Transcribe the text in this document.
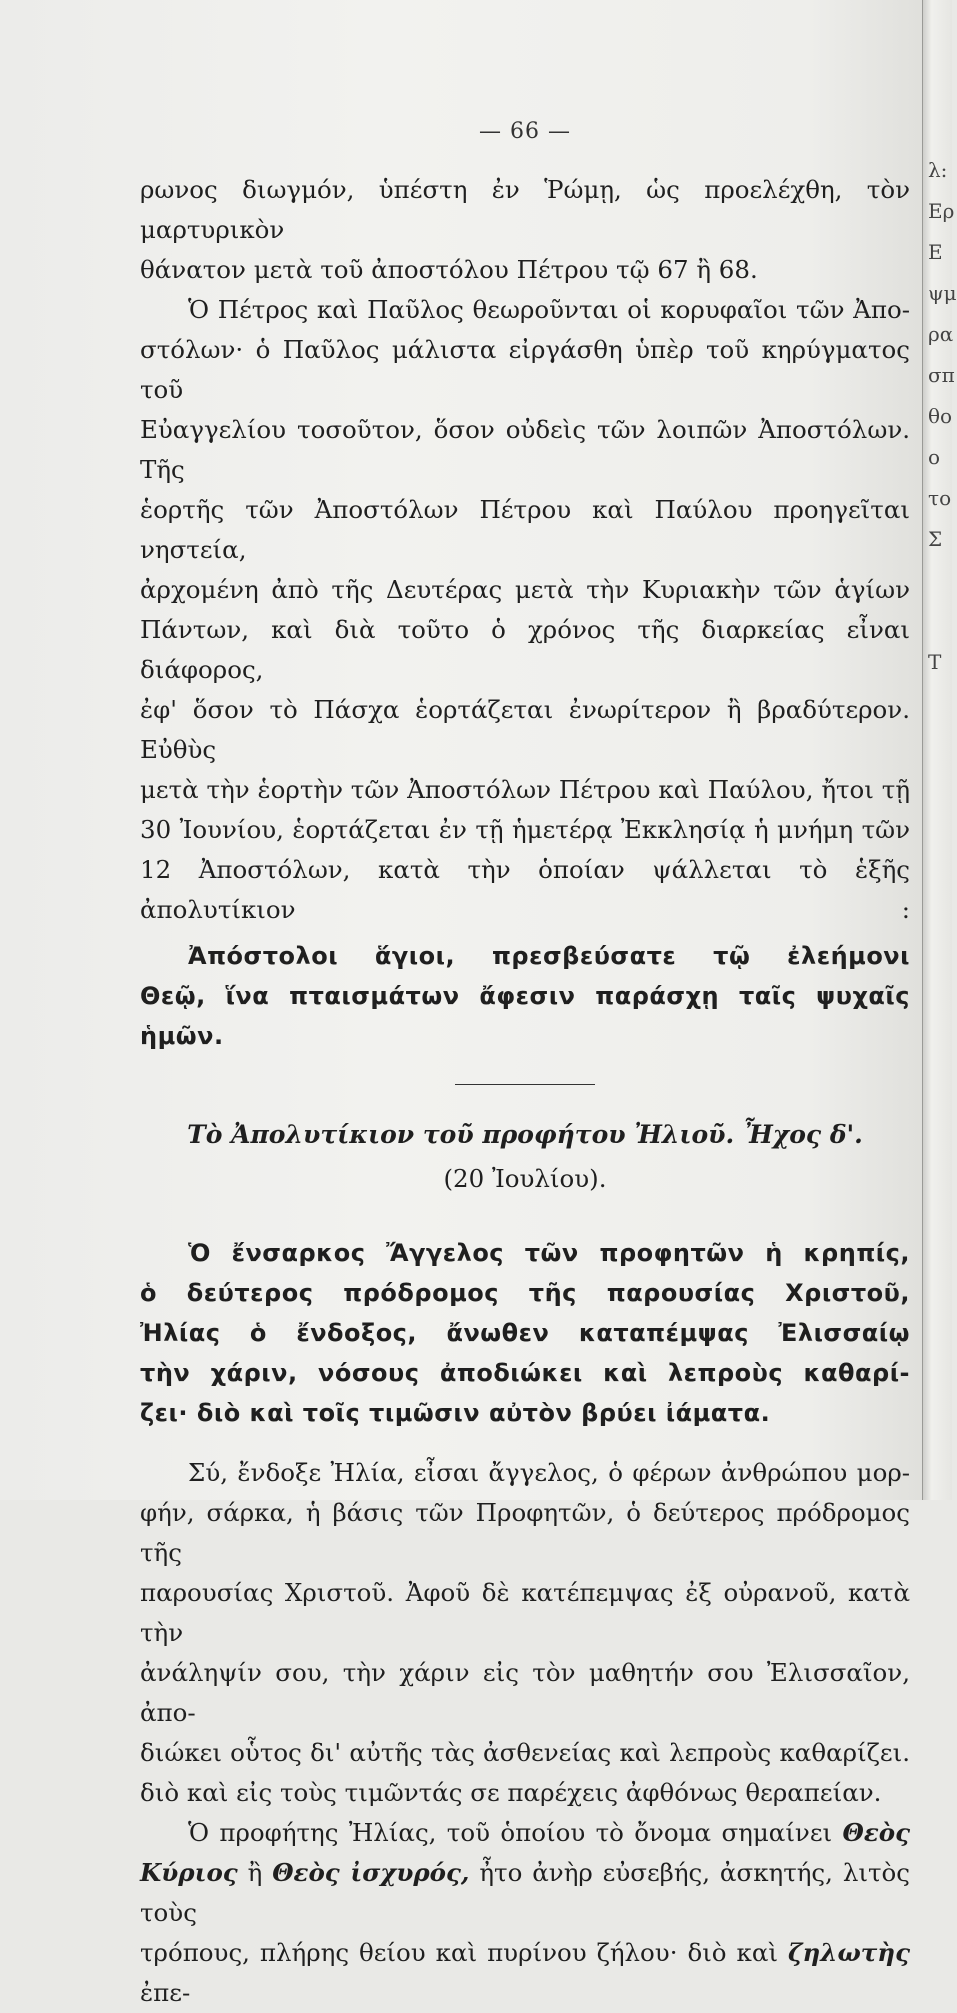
λ:
Ερ
Ε
ψμ
ρα
σπ
θο
ο
το
Σ
Τ
— 66 —

ρωνος διωγμόν, ὑπέστη ἐν Ῥώμῃ, ὡς προελέχθη, τὸν μαρτυρικὸν

θάνατον μετὰ τοῦ ἀποστόλου Πέτρου τῷ 67 ἢ 68.

Ὁ Πέτρος καὶ Παῦλος θεωροῦνται οἱ κορυφαῖοι τῶν Ἀπο-

στόλων· ὁ Παῦλος μάλιστα εἰργάσθη ὑπὲρ τοῦ κηρύγματος τοῦ

Εὐαγγελίου τοσοῦτον, ὅσον οὐδεὶς τῶν λοιπῶν Ἀποστόλων. Τῆς

ἑορτῆς τῶν Ἀποστόλων Πέτρου καὶ Παύλου προηγεῖται νηστεία,

ἀρχομένη ἀπὸ τῆς Δευτέρας μετὰ τὴν Κυριακὴν τῶν ἁγίων

Πάντων, καὶ διὰ τοῦτο ὁ χρόνος τῆς διαρκείας εἶναι διάφορος,

ἐφ' ὅσον τὸ Πάσχα ἑορτάζεται ἐνωρίτερον ἢ βραδύτερον. Εὐθὺς

μετὰ τὴν ἑορτὴν τῶν Ἀποστόλων Πέτρου καὶ Παύλου, ἤτοι τῇ

30 Ἰουνίου, ἑορτάζεται ἐν τῇ ἡμετέρᾳ Ἐκκλησίᾳ ἡ μνήμη τῶν

12 Ἀποστόλων, κατὰ τὴν ὁποίαν ψάλλεται τὸ ἑξῆς ἀπολυτίκιον :

Ἀπόστολοι ἅγιοι, πρεσβεύσατε τῷ ἐλεήμονι

Θεῷ, ἵνα πταισμάτων ἄφεσιν παράσχῃ ταῖς ψυχαῖς

ἡμῶν.

Τὸ Ἀπολυτίκιον τοῦ προφήτου Ἠλιοῦ. Ἦχος δ'.

(20 Ἰουλίου).

Ὁ ἔνσαρκος Ἄγγελος τῶν προφητῶν ἡ κρηπίς,

ὁ δεύτερος πρόδρομος τῆς παρουσίας Χριστοῦ,

Ἠλίας ὁ ἔνδοξος, ἄνωθεν καταπέμψας Ἐλισσαίῳ

τὴν χάριν, νόσους ἀποδιώκει καὶ λεπροὺς καθαρί-

ζει· διὸ καὶ τοῖς τιμῶσιν αὐτὸν βρύει ἰάματα.

Σύ, ἔνδοξε Ἠλία, εἶσαι ἄγγελος, ὁ φέρων ἀνθρώπου μορ-

φήν, σάρκα, ἡ βάσις τῶν Προφητῶν, ὁ δεύτερος πρόδρομος τῆς

παρουσίας Χριστοῦ. Ἀφοῦ δὲ κατέπεμψας ἐξ οὐρανοῦ, κατὰ τὴν

ἀνάληψίν σου, τὴν χάριν εἰς τὸν μαθητήν σου Ἐλισσαῖον, ἀπο-

διώκει οὗτος δι' αὐτῆς τὰς ἀσθενείας καὶ λεπροὺς καθαρίζει.

διὸ καὶ εἰς τοὺς τιμῶντάς σε παρέχεις ἀφθόνως θεραπείαν.

Ὁ προφήτης Ἠλίας, τοῦ ὁποίου τὸ ὄνομα σημαίνει Θεὸς

Κύριος ἢ Θεὸς ἰσχυρός, ἦτο ἀνὴρ εὐσεβής, ἀσκητής, λιτὸς τοὺς

τρόπους, πλήρης θείου καὶ πυρίνου ζήλου· διὸ καὶ ζηλωτὴς ἐπε-
